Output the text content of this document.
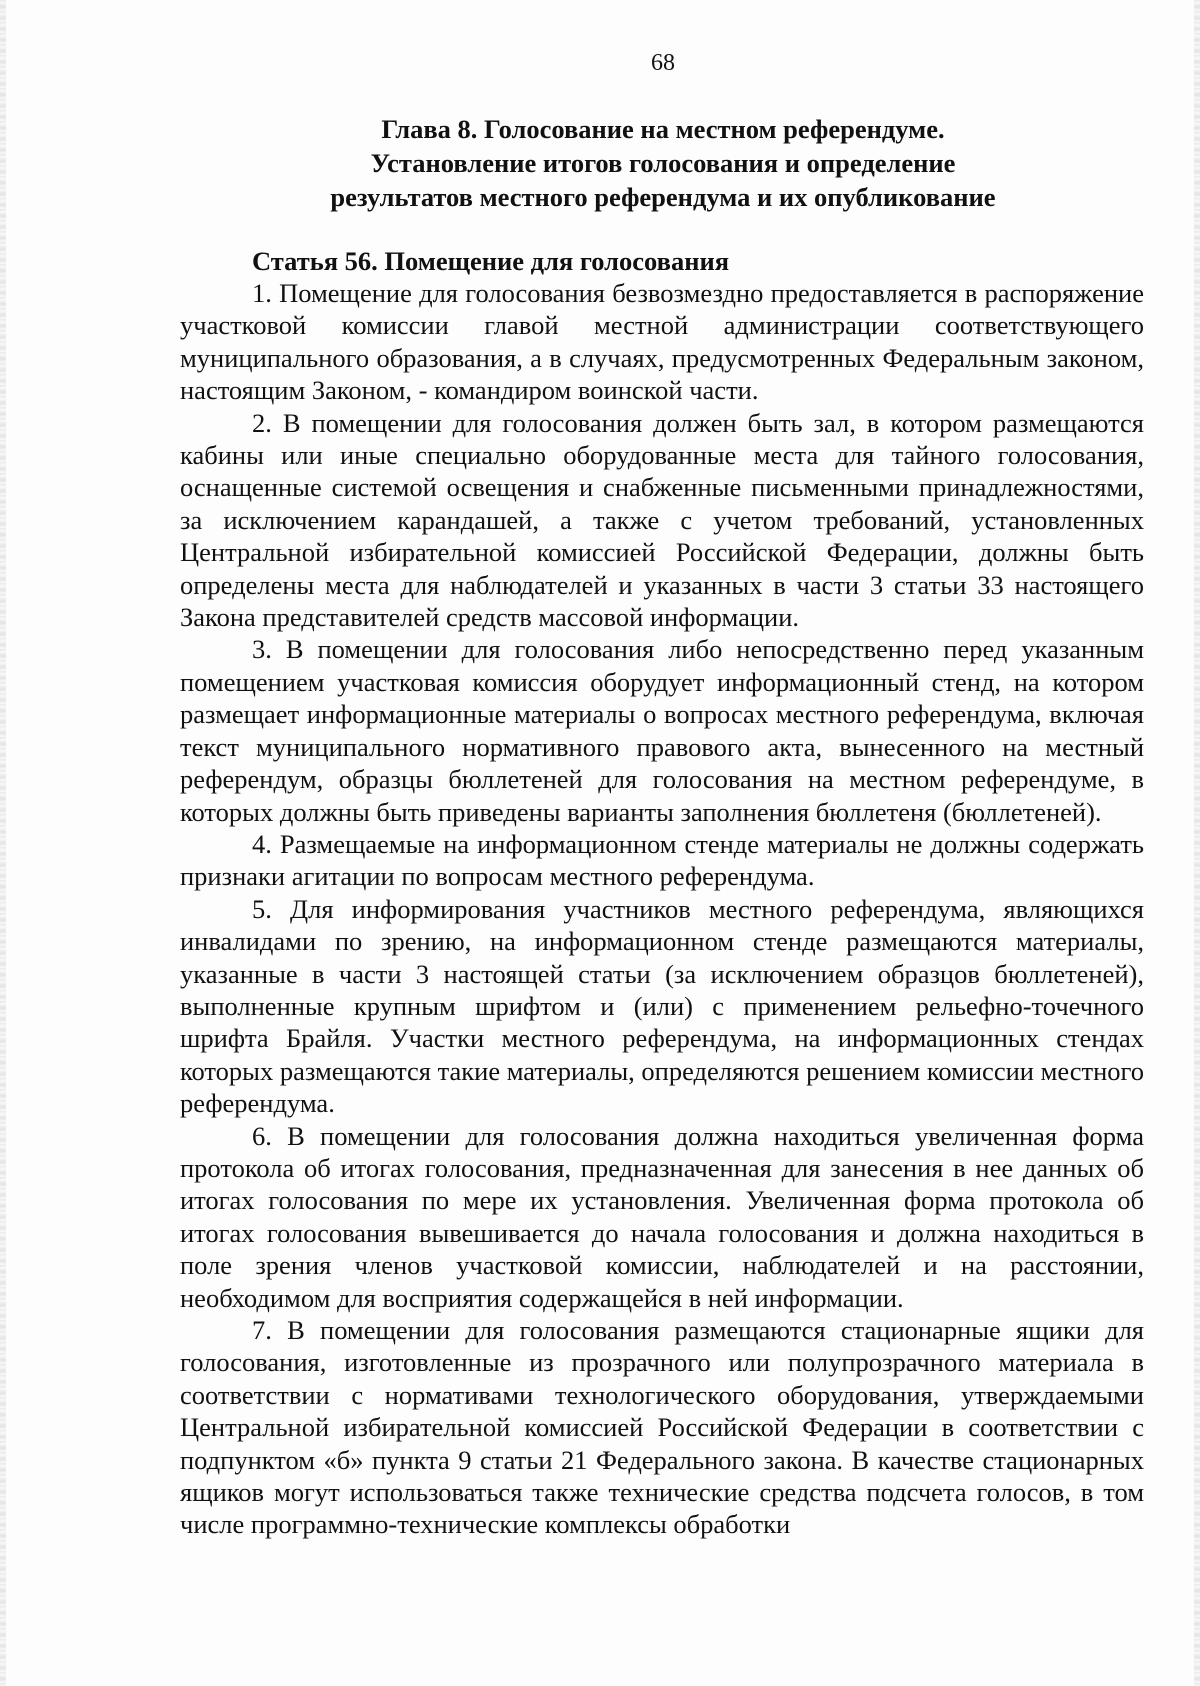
68
Глава 8. Голосование на местном референдуме.
Установление итогов голосования и определение
результатов местного референдума и их опубликование
Статья 56. Помещение для голосования

1. Помещение для голосования безвозмездно предоставляется в распоряжение участковой комиссии главой местной администрации соответствующего муниципального образования, а в случаях, предусмотренных Федеральным законом, настоящим Законом, - командиром воинской части.

2. В помещении для голосования должен быть зал, в котором размещаются кабины или иные специально оборудованные места для тайного голосования, оснащенные системой освещения и снабженные письменными принадлежностями, за исключением карандашей, а также с учетом требований, установленных Центральной избирательной комиссией Российской Федерации, должны быть определены места для наблюдателей и указанных в части 3 статьи 33 настоящего Закона представителей средств массовой информации.

3. В помещении для голосования либо непосредственно перед указанным помещением участковая комиссия оборудует информационный стенд, на котором размещает информационные материалы о вопросах местного референдума, включая текст муниципального нормативного правового акта, вынесенного на местный референдум, образцы бюллетеней для голосования на местном референдуме, в которых должны быть приведены варианты заполнения бюллетеня (бюллетеней).

4. Размещаемые на информационном стенде материалы не должны содержать признаки агитации по вопросам местного референдума.

5. Для информирования участников местного референдума, являющихся инвалидами по зрению, на информационном стенде размещаются материалы, указанные в части 3 настоящей статьи (за исключением образцов бюллетеней), выполненные крупным шрифтом и (или) с применением рельефно-точечного шрифта Брайля. Участки местного референдума, на информационных стендах которых размещаются такие материалы, определяются решением комиссии местного референдума.

6. В помещении для голосования должна находиться увеличенная форма протокола об итогах голосования, предназначенная для занесения в нее данных об итогах голосования по мере их установления. Увеличенная форма протокола об итогах голосования вывешивается до начала голосования и должна находиться в поле зрения членов участковой комиссии, наблюдателей и на расстоянии, необходимом для восприятия содержащейся в ней информации.

7. В помещении для голосования размещаются стационарные ящики для голосования, изготовленные из прозрачного или полупрозрачного материала в соответствии с нормативами технологического оборудования, утверждаемыми Центральной избирательной комиссией Российской Федерации в соответствии с подпунктом «б» пункта 9 статьи 21 Федерального закона. В качестве стационарных ящиков могут использоваться также технические средства подсчета голосов, в том числе программно-технические комплексы обработки
